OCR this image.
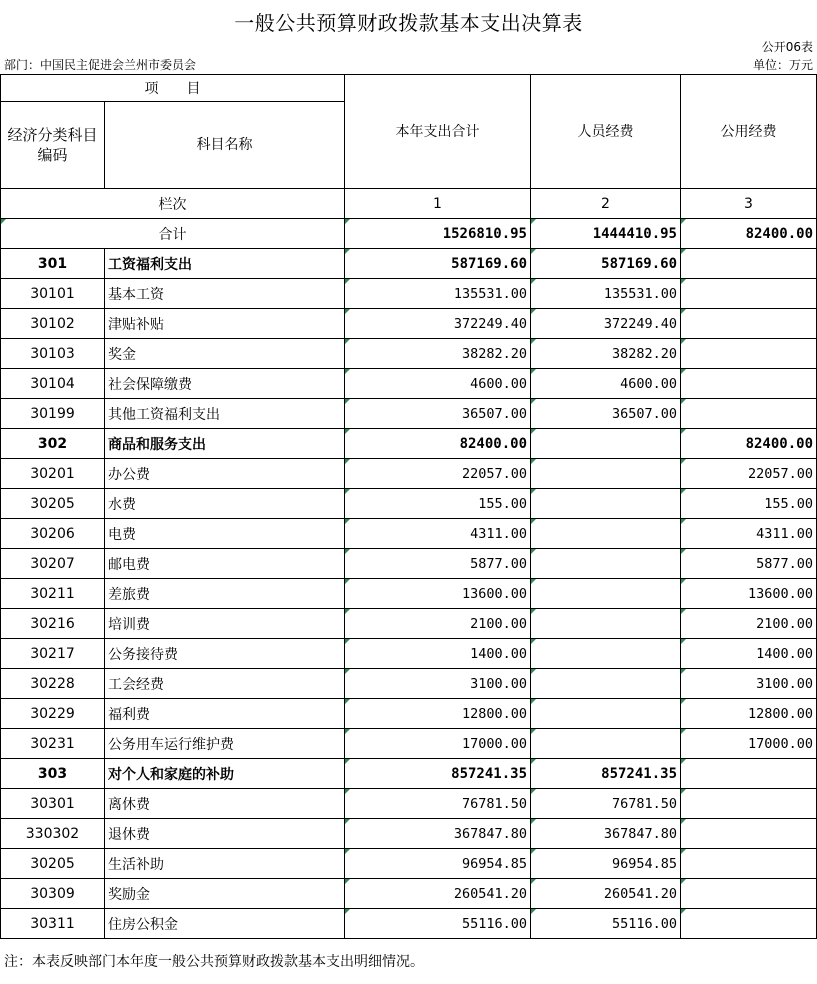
一般公共预算财政拨款基本支出决算表
公开06表
部门：中国民主促进会兰州市委员会	单位：万元
项　　目		本年支出合计	人员经费	公用经费
经济分类科目编码	科目名称			
栏次		1	2	3
合计		1526810.95	1444410.95	82400.00
301	工资福利支出	587169.60	587169.60	
30101	基本工资	135531.00	135531.00	
30102	津贴补贴	372249.40	372249.40	
30103	奖金	38282.20	38282.20	
30104	社会保障缴费	4600.00	4600.00	
30199	其他工资福利支出	36507.00	36507.00	
302	商品和服务支出	82400.00		82400.00
30201	办公费	22057.00		22057.00
30205	水费	155.00		155.00
30206	电费	4311.00		4311.00
30207	邮电费	5877.00		5877.00
30211	差旅费	13600.00		13600.00
30216	培训费	2100.00		2100.00
30217	公务接待费	1400.00		1400.00
30228	工会经费	3100.00		3100.00
30229	福利费	12800.00		12800.00
30231	公务用车运行维护费	17000.00		17000.00
303	对个人和家庭的补助	857241.35	857241.35	
30301	离休费	76781.50	76781.50	
330302	退休费	367847.80	367847.80	
30205	生活补助	96954.85	96954.85	
30309	奖励金	260541.20	260541.20	
30311	住房公积金	55116.00	55116.00	
注：本表反映部门本年度一般公共预算财政拨款基本支出明细情况。
